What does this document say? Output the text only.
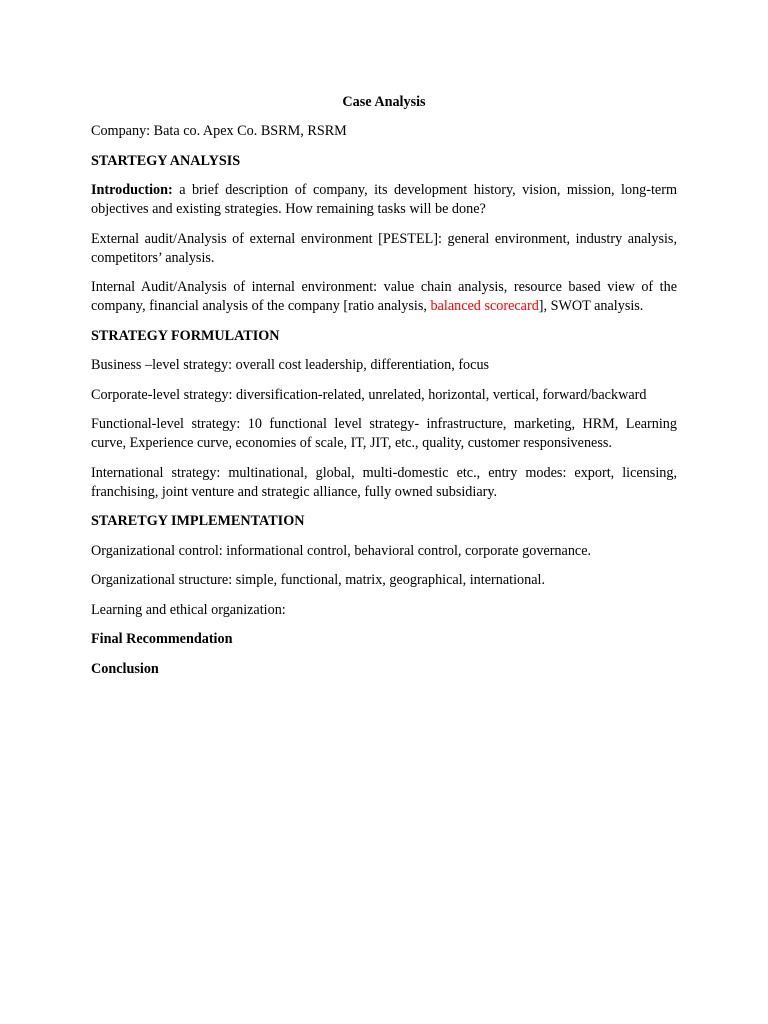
Case Analysis
Company: Bata co. Apex Co. BSRM, RSRM
STARTEGY ANALYSIS
Introduction: a brief description of company, its development history, vision, mission, long-term objectives and existing strategies. How remaining tasks will be done?
External audit/Analysis of external environment [PESTEL]: general environment, industry analysis, competitors’ analysis.
Internal Audit/Analysis of internal environment: value chain analysis, resource based view of the company, financial analysis of the company [ratio analysis, balanced scorecard], SWOT analysis.
STRATEGY FORMULATION
Business –level strategy: overall cost leadership, differentiation, focus
Corporate-level strategy: diversification-related, unrelated, horizontal, vertical, forward/backward
Functional-level strategy: 10 functional level strategy- infrastructure, marketing, HRM, Learning curve, Experience curve, economies of scale, IT, JIT, etc., quality, customer responsiveness.
International strategy: multinational, global, multi-domestic etc., entry modes: export, licensing, franchising, joint venture and strategic alliance, fully owned subsidiary.
STARETGY IMPLEMENTATION
Organizational control: informational control, behavioral control, corporate governance.
Organizational structure: simple, functional, matrix, geographical, international.
Learning and ethical organization:
Final Recommendation
Conclusion
